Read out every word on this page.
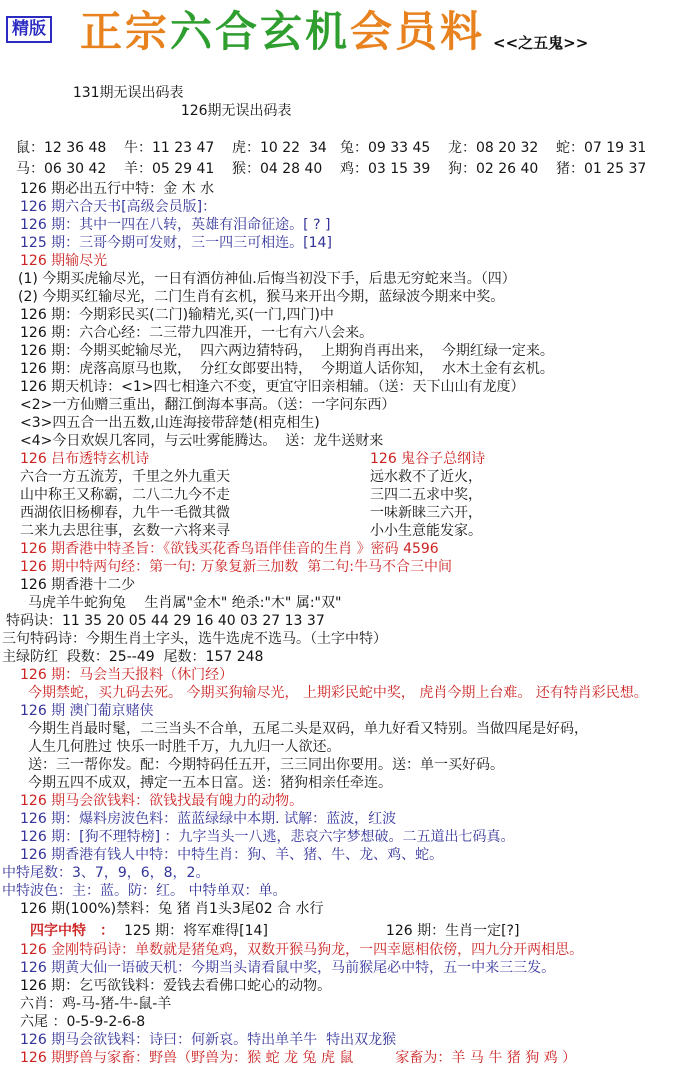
精版 正宗六合玄机会员料 <<之五鬼>>

131期无误出码表
126期无误出码表

鼠：12 36 48	牛：11 23 47	虎：10 22  34 兔：09 33 45	龙：08 20 32	蛇：07 19 31
马：06 30 42	羊：05 29 41	猴：04 28 40	鸡：03 15 39	狗：02 26 40	猪：01 25 37
126 期必出五行中特：金 木 水
126 期六合天书[高级会员版]：
126 期：其中一四在八转，英雄有泪命征途。[ ? ]
125 期：三哥今期可发财，三一四三可相连。[14]
126 期输尽光
(1) 今期买虎输尽光，一日有酒仿神仙.后悔当初没下手，后患无穷蛇来当。（四）
(2) 今期买红输尽光，二门生肖有玄机，猴马来开出今期，蓝绿波今期来中奖。
126 期：今期彩民买(二门)输精光,买(一门,四门)中
126 期：六合心经：二三带九四准开，一七有六八会来。
126 期：今期买蛇输尽光，  四六两边猜特码，  上期狗肖再出来，  今期红绿一定来。
126 期：虎落高原马也欺，  分红女郎要出特，  今期道人话你知，  水木土金有玄机。
126 期天机诗：<1>四七相逢六不变，更宜守旧亲相辅。（送：天下山山有龙度）
<2>一方仙赠三重出，翻江倒海本事高。（送：一字问东西）
<3>四五合一出五数,山连海接带辞楚(相克相生)
<4>今日欢娱几客同，与云吐雾能腾达。  送：龙牛送财来
126 吕布透特玄机诗
六合一方五流芳，千里之外九重天
山中称王又称霸，二八二九今不走
西湖依旧杨柳春，九牛一毛微其微
二来九去思往事，玄数一六将来寻
126 鬼谷子总纲诗
远水救不了近火，
三四二五求中奖，
一味新睐三六开，
小小生意能发家。
126 期香港中特圣旨：《欲钱买花香鸟语伴佳音的生肖 》密码 4596
126 期中特两句经：第一句: 万象复新三加数  第二句:牛马不合三中间
126 期香港十二少
马虎羊牛蛇狗兔　 生肖属"金木" 绝杀:"木" 属:"双"
特码诀：11 35 20 05 44 29 16 40 03 27 13 37
三句特码诗：今期生肖土字头，选牛选虎不选马。（土字中特）
主绿防红  段数：25--49  尾数：157 248
126 期：马会当天报料（休门经）
今期禁蛇，买九码去死。 今期买狗输尽光， 上期彩民蛇中奖， 虎肖今期上台难。 还有特肖彩民想。
126 期 澳门葡京赌侠
今期生肖最时髦，二三当头不合单，五尾二头是双码，单九好看又特别。当做四尾是好码，
人生几何胜过 快乐一时胜千万，九九归一人欲还。
送：三一帮你发。配：今期特码任五开，三三同出你要用。送：单一买好码。
今期五四不成双，搏定一五本日富。送：猪狗相亲任牵连。
126 期马会欲钱料：欲钱找最有魄力的动物。
126 期：爆料房波色料：蓝蓝绿绿中本期. 试解：蓝波，红波
126 期：[狗不理特榜] ：九字当头一八逃，悲哀六字梦想破。二五道出七码真。
126 期香港有钱人中特：中特生肖：狗、羊、猪、牛、龙、鸡、蛇。
中特尾数：3、7，9，6，8，2。
中特波色：主：蓝。防：红。 中特单双：单。
126 期(100%)禁料：兔 猪 肖1头3尾02 合 水行
四字中特　： 125 期：将军难得[14]	126 期：生肖一定[?]
126 金刚特码诗：单数就是猪兔鸡，双数开猴马狗龙，一四幸愿相依傍，四九分开两相思。
126 期黄大仙一语破天机：今期当头请看鼠中奖，马前猴尾必中特，五一中来三三发。
126 期：乞丐欲钱料：爱钱去看佛口蛇心的动物。
六肖：鸡-马-猪-牛-鼠-羊
六尾 ：0-5-9-2-6-8
126 期马会欲钱料：诗曰：何新哀。特出单羊牛  特出双龙猴
126 期野兽与家畜：野兽（野兽为：猴 蛇 龙 兔 虎 鼠　　　家畜为：羊 马 牛 猪 狗 鸡 ）
